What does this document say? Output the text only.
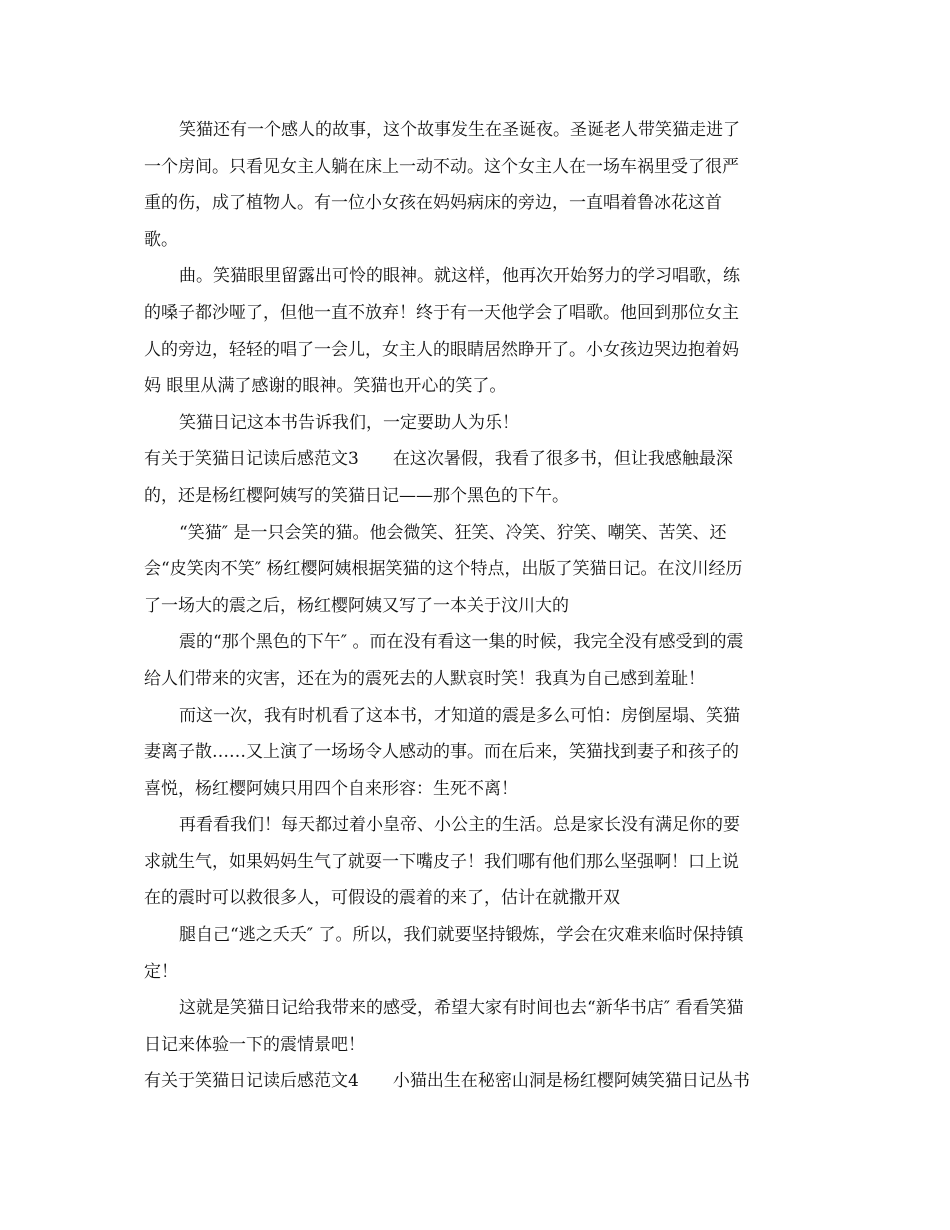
笑猫还有一个感人的故事，这个故事发生在圣诞夜。圣诞老人带笑猫走进了
一个房间。只看见女主人躺在床上一动不动。这个女主人在一场车祸里受了很严
重的伤，成了植物人。有一位小女孩在妈妈病床的旁边，一直唱着鲁冰花这首
歌。
曲。笑猫眼里留露出可怜的眼神。就这样，他再次开始努力的学习唱歌，练
的嗓子都沙哑了，但他一直不放弃！终于有一天他学会了唱歌。他回到那位女主
人的旁边，轻轻的唱了一会儿，女主人的眼睛居然睁开了。小女孩边哭边抱着妈
妈 眼里从满了感谢的眼神。笑猫也开心的笑了。
笑猫日记这本书告诉我们，一定要助人为乐！
有关于笑猫日记读后感范文3 在这次暑假，我看了很多书，但让我感触最深
的，还是杨红樱阿姨写的笑猫日记——那个黑色的下午。
“笑猫″ 是一只会笑的猫。他会微笑、狂笑、冷笑、狞笑、嘲笑、苦笑、还
会“皮笑肉不笑″ 杨红樱阿姨根据笑猫的这个特点，出版了笑猫日记。在汶川经历
了一场大的震之后，杨红樱阿姨又写了一本关于汶川大的
震的“那个黑色的下午″ 。而在没有看这一集的时候，我完全没有感受到的震
给人们带来的灾害，还在为的震死去的人默哀时笑！我真为自己感到羞耻！
而这一次，我有时机看了这本书，才知道的震是多么可怕：房倒屋塌、笑猫
妻离子散……又上演了一场场令人感动的事。而在后来，笑猫找到妻子和孩子的
喜悦，杨红樱阿姨只用四个自来形容：生死不离！
再看看我们！每天都过着小皇帝、小公主的生活。总是家长没有满足你的要
求就生气，如果妈妈生气了就耍一下嘴皮子！我们哪有他们那么坚强啊！口上说
在的震时可以救很多人，可假设的震着的来了，估计在就撒开双
腿自己“逃之夭夭″ 了。所以，我们就要坚持锻炼，学会在灾难来临时保持镇
定！
这就是笑猫日记给我带来的感受，希望大家有时间也去“新华书店″ 看看笑猫
日记来体验一下的震情景吧！
有关于笑猫日记读后感范文4 小猫出生在秘密山洞是杨红樱阿姨笑猫日记丛书
